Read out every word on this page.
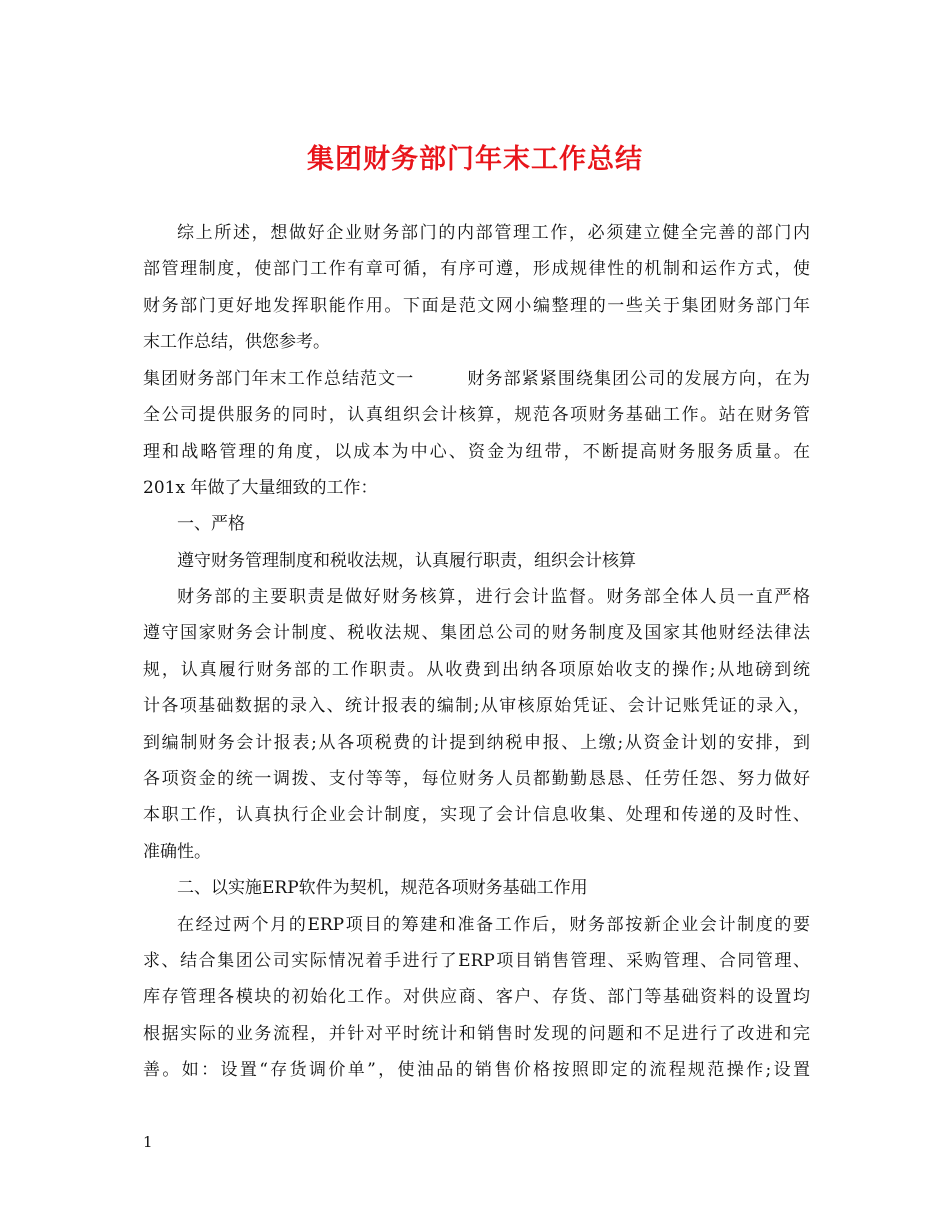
集团财务部门年末工作总结
综上所述，想做好企业财务部门的内部管理工作，必须建立健全完善的部门内
部管理制度，使部门工作有章可循，有序可遵，形成规律性的机制和运作方式，使
财务部门更好地发挥职能作用。下面是范文网小编整理的一些关于集团财务部门年
末工作总结，供您参考。
集团财务部门年末工作总结范文一	财务部紧紧围绕集团公司的发展方向，在为
全公司提供服务的同时，认真组织会计核算，规范各项财务基础工作。站在财务管
理和战略管理的角度，以成本为中心、资金为纽带，不断提高财务服务质量。在
201x 年做了大量细致的工作：
一、严格
遵守财务管理制度和税收法规，认真履行职责，组织会计核算
财务部的主要职责是做好财务核算，进行会计监督。财务部全体人员一直严格
遵守国家财务会计制度、税收法规、集团总公司的财务制度及国家其他财经法律法
规，认真履行财务部的工作职责。从收费到出纳各项原始收支的操作;从地磅到统
计各项基础数据的录入、统计报表的编制;从审核原始凭证、会计记账凭证的录入，
到编制财务会计报表;从各项税费的计提到纳税申报、上缴;从资金计划的安排，到
各项资金的统一调拨、支付等等，每位财务人员都勤勤恳恳、任劳任怨、努力做好
本职工作，认真执行企业会计制度，实现了会计信息收集、处理和传递的及时性、
准确性。
二、以实施ERP软件为契机，规范各项财务基础工作用
在经过两个月的ERP项目的筹建和准备工作后，财务部按新企业会计制度的要
求、结合集团公司实际情况着手进行了ERP项目销售管理、采购管理、合同管理、
库存管理各模块的初始化工作。对供应商、客户、存货、部门等基础资料的设置均
根据实际的业务流程，并针对平时统计和销售时发现的问题和不足进行了改进和完
善。如：设置“存货调价单”，使油品的销售价格按照即定的流程规范操作;设置
1
